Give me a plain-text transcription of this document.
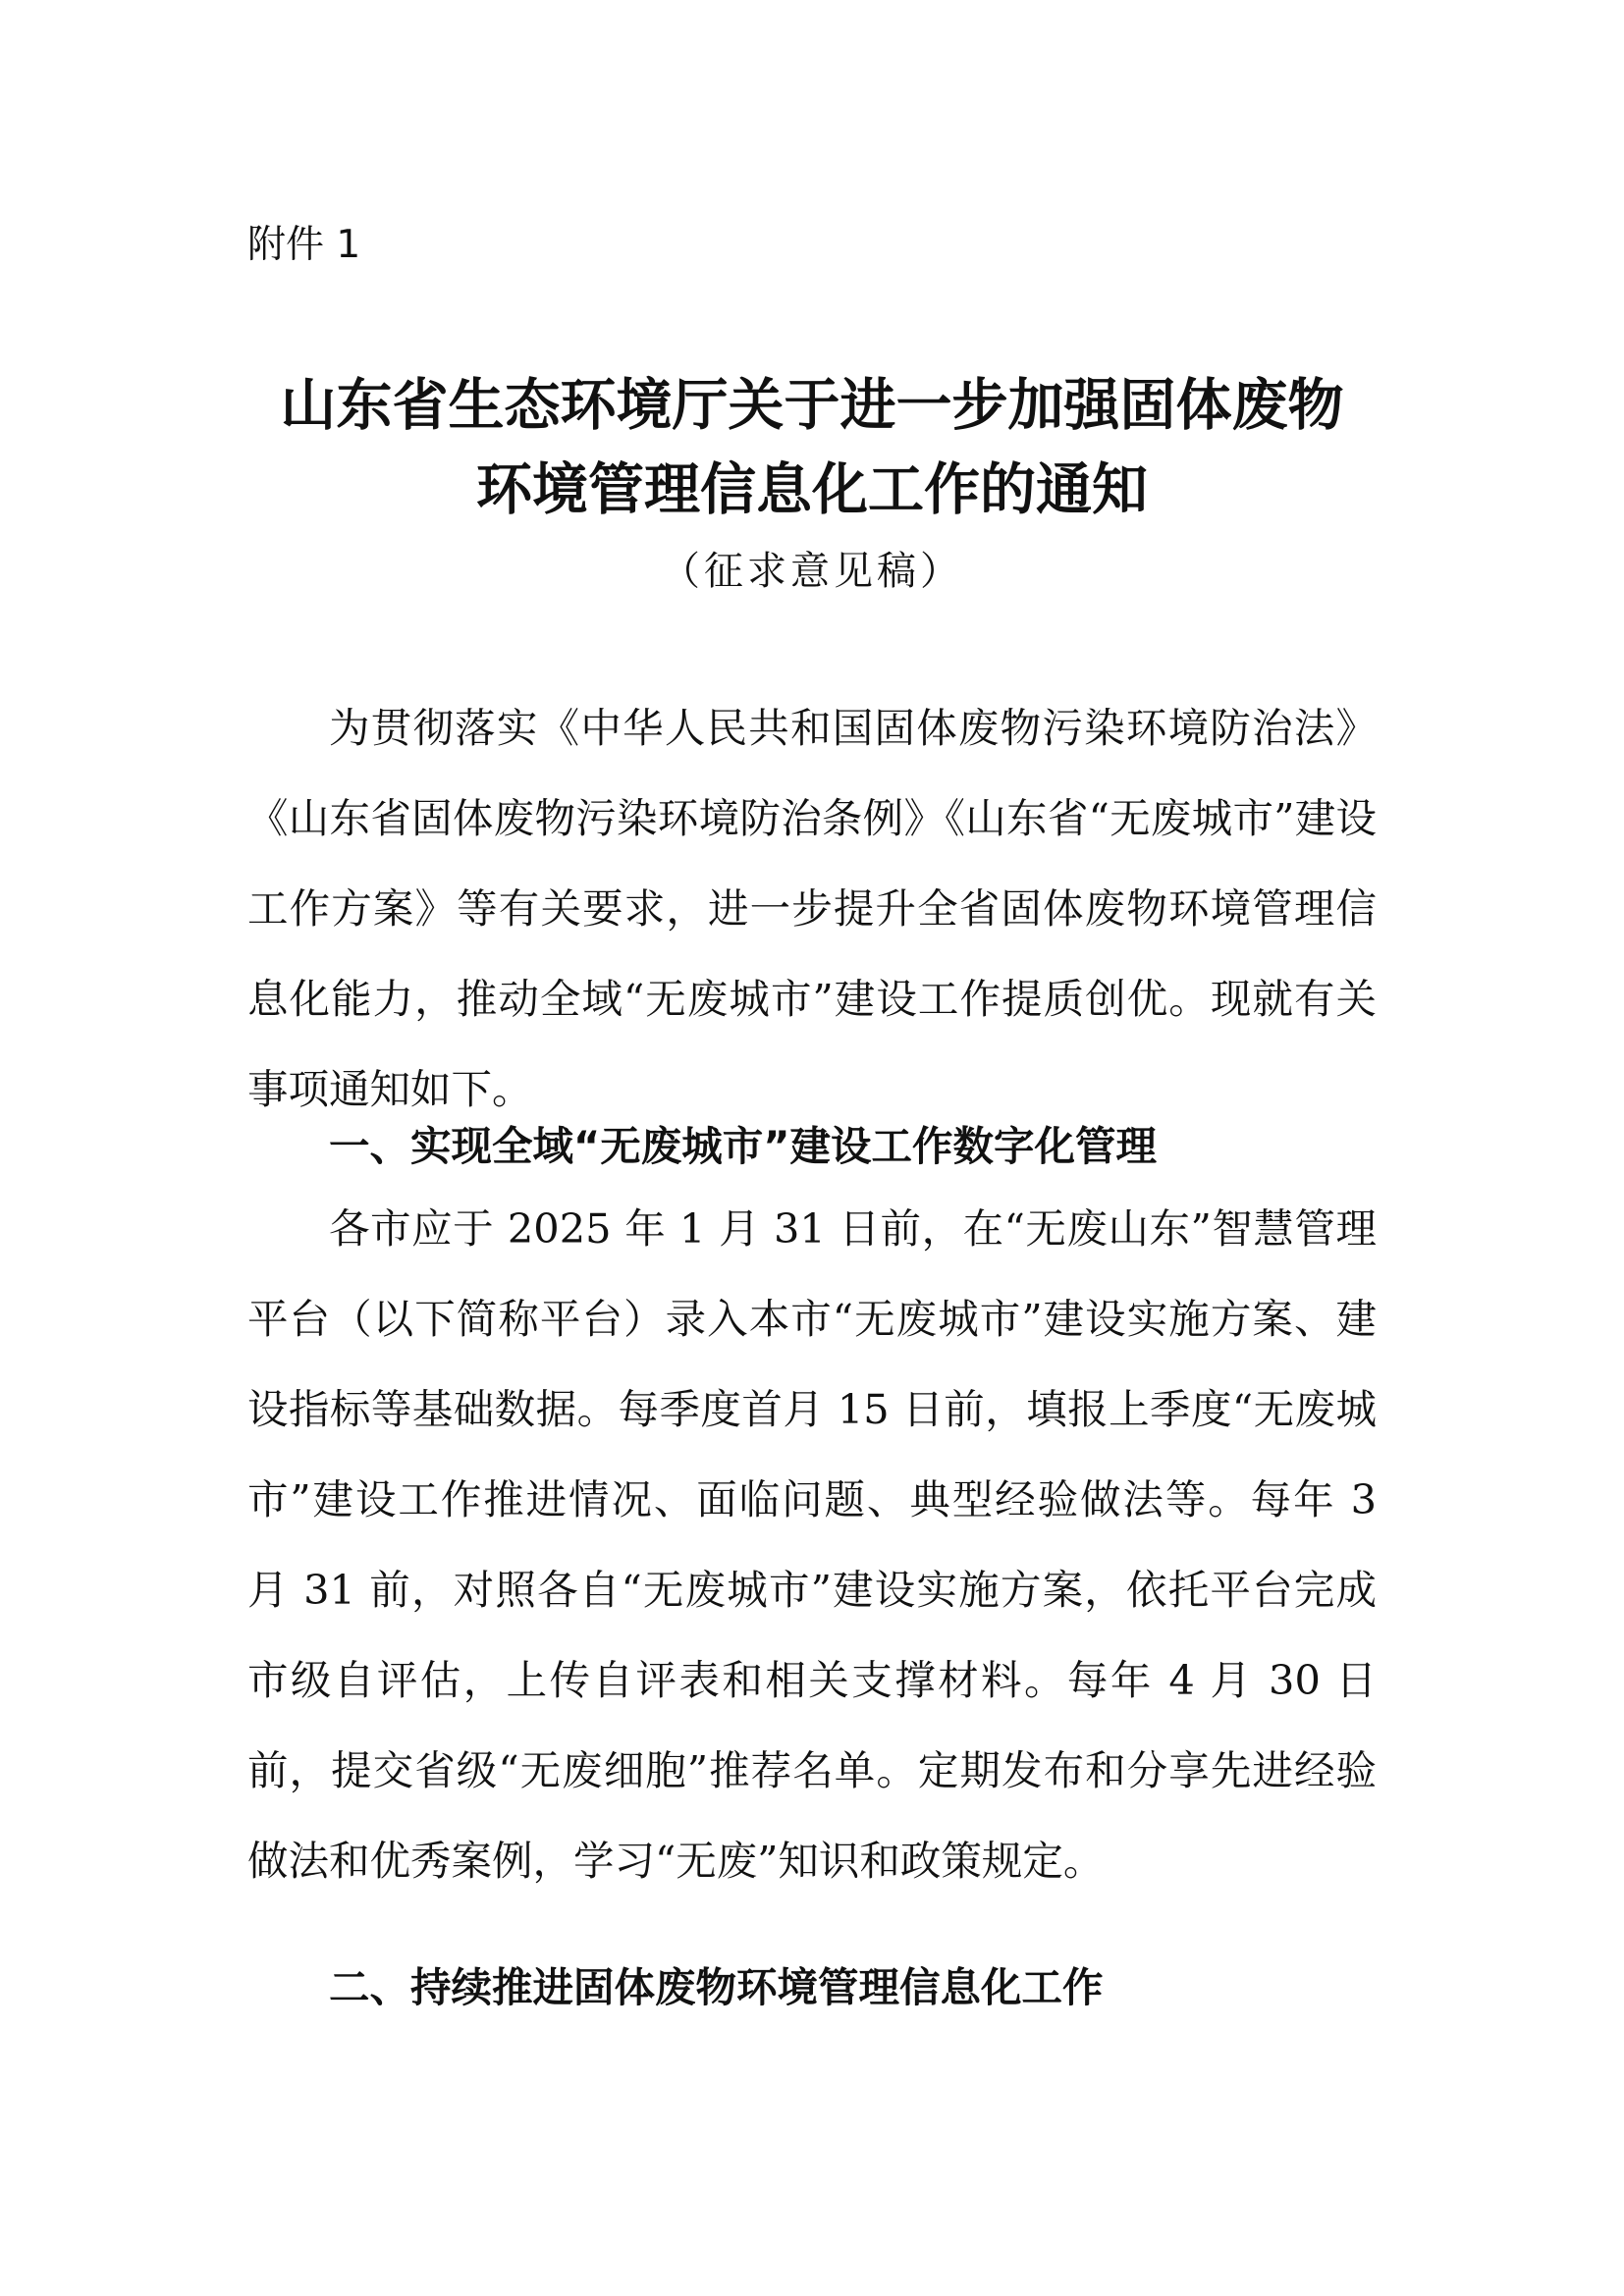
附件 1

山东省生态环境厅关于进一步加强固体废物
环境管理信息化工作的通知

（征求意见稿）

为贯彻落实《中华人民共和国固体废物污染环境防治法》《山东省固体废物污染环境防治条例》《山东省“无废城市”建设工作方案》等有关要求，进一步提升全省固体废物环境管理信息化能力，推动全域“无废城市”建设工作提质创优。现就有关事项通知如下。

一、实现全域“无废城市”建设工作数字化管理

各市应于 2025 年 1 月 31 日前，在“无废山东”智慧管理平台（以下简称平台）录入本市“无废城市”建设实施方案、建设指标等基础数据。每季度首月 15 日前，填报上季度“无废城市”建设工作推进情况、面临问题、典型经验做法等。每年 3 月 31 前，对照各自“无废城市”建设实施方案，依托平台完成市级自评估，上传自评表和相关支撑材料。每年 4 月 30 日前，提交省级“无废细胞”推荐名单。定期发布和分享先进经验做法和优秀案例，学习“无废”知识和政策规定。

二、持续推进固体废物环境管理信息化工作
